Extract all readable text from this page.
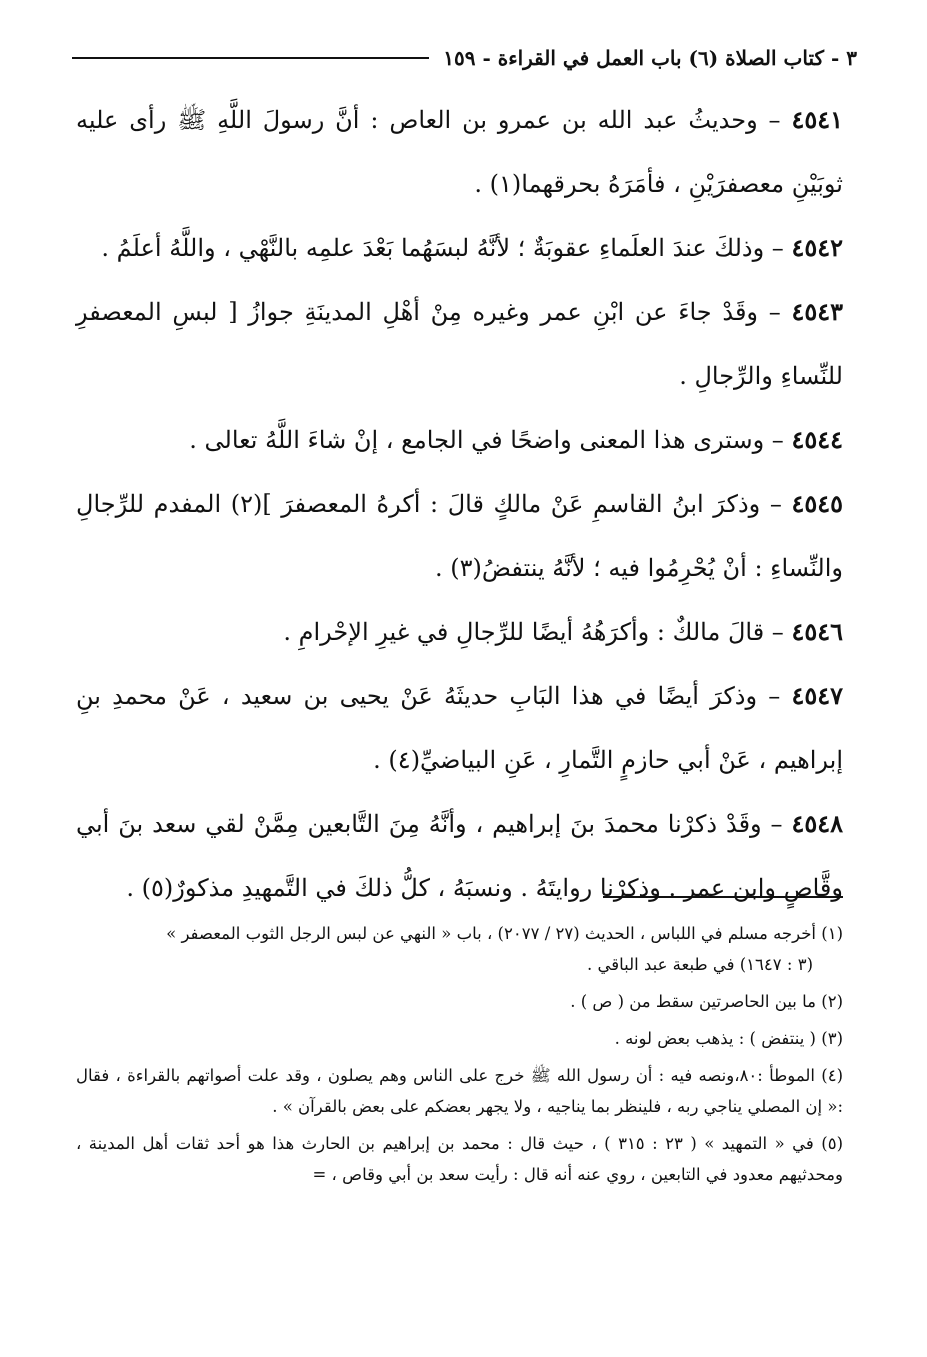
٣ - كتاب الصلاة (٦) باب العمل في القراءة - ١٥٩

٤٥٤١ – وحديثُ عبد الله بن عمرو بن العاص : أنَّ رسولَ اللَّهِ ﷺ رأى عليه ثوبَيْنِ معصفرَيْنِ ، فأمَرَهُ بحرقهما(١) .

٤٥٤٢ – وذلكَ عندَ العلَماءِ عقوبَةٌ ؛ لأنَّهُ لبسَهُما بَعْدَ علمِه بالنَّهْي ، واللَّهُ أعلَمُ .

٤٥٤٣ – وقَدْ جاءَ عن ابْنِ عمر وغيره مِنْ أهْلِ المدينَةِ جوازُ [ لبسِ المعصفرِ للنِّساءِ والرِّجالِ .

٤٥٤٤ – وسترى هذا المعنى واضحًا في الجامع ، إنْ شاءَ اللَّهُ تعالى .

٤٥٤٥ – وذكرَ ابنُ القاسمِ عَنْ مالكٍ قالَ : أكرهُ المعصفرَ ](٢) المفدم للرِّجالِ والنِّساءِ : أنْ يُحْرِمُوا فيه ؛ لأنَّهُ ينتفضُ(٣) .

٤٥٤٦ – قالَ مالكٌ : وأكرَهُهُ أيضًا للرِّجالِ في غيرِ الإحْرامِ .

٤٥٤٧ – وذكرَ أيضًا في هذا البَابِ حديثَهُ عَنْ يحيى بن سعيد ، عَنْ محمدِ بنِ إبراهيم ، عَنْ أبي حازمٍ التَّمارِ ، عَنِ البياضيِّ(٤) .

٤٥٤٨ – وقَدْ ذكرْنا محمدَ بنَ إبراهيم ، وأنَّهُ مِنَ التَّابعين مِمَّنْ لقي سعد بنَ أبي وقَّاصٍ وابن عمر . وذكرْنا روايتَهُ . ونسبَهُ ، كلُّ ذلكَ في التَّمهيدِ مذكورٌ(٥) .

(١) أخرجه مسلم في اللباس ، الحديث (٢٧ / ٢٠٧٧) ، باب « النهي عن لبس الرجل الثوب المعصفر »
(٣ : ١٦٤٧) في طبعة عبد الباقي .

(٢) ما بين الحاصرتين سقط من ( ص ) .

(٣) ( ينتفض ) : يذهب بعض لونه .

(٤) الموطأ :٨٠،ونصه فيه : أن رسول الله ﷺ خرج على الناس وهم يصلون ، وقد علت أصواتهم بالقراءة ، فقال :« إن المصلي يناجي ربه ، فلينظر بما يناجيه ، ولا يجهر بعضكم على بعض بالقرآن » .

(٥) في « التمهيد » ( ٢٣ : ٣١٥ ) ، حيث قال : محمد بن إبراهيم بن الحارث هذا هو أحد ثقات أهل المدينة ، ومحدثيهم معدود في التابعين ، روي عنه أنه قال : رأيت سعد بن أبي وقاص ، =
